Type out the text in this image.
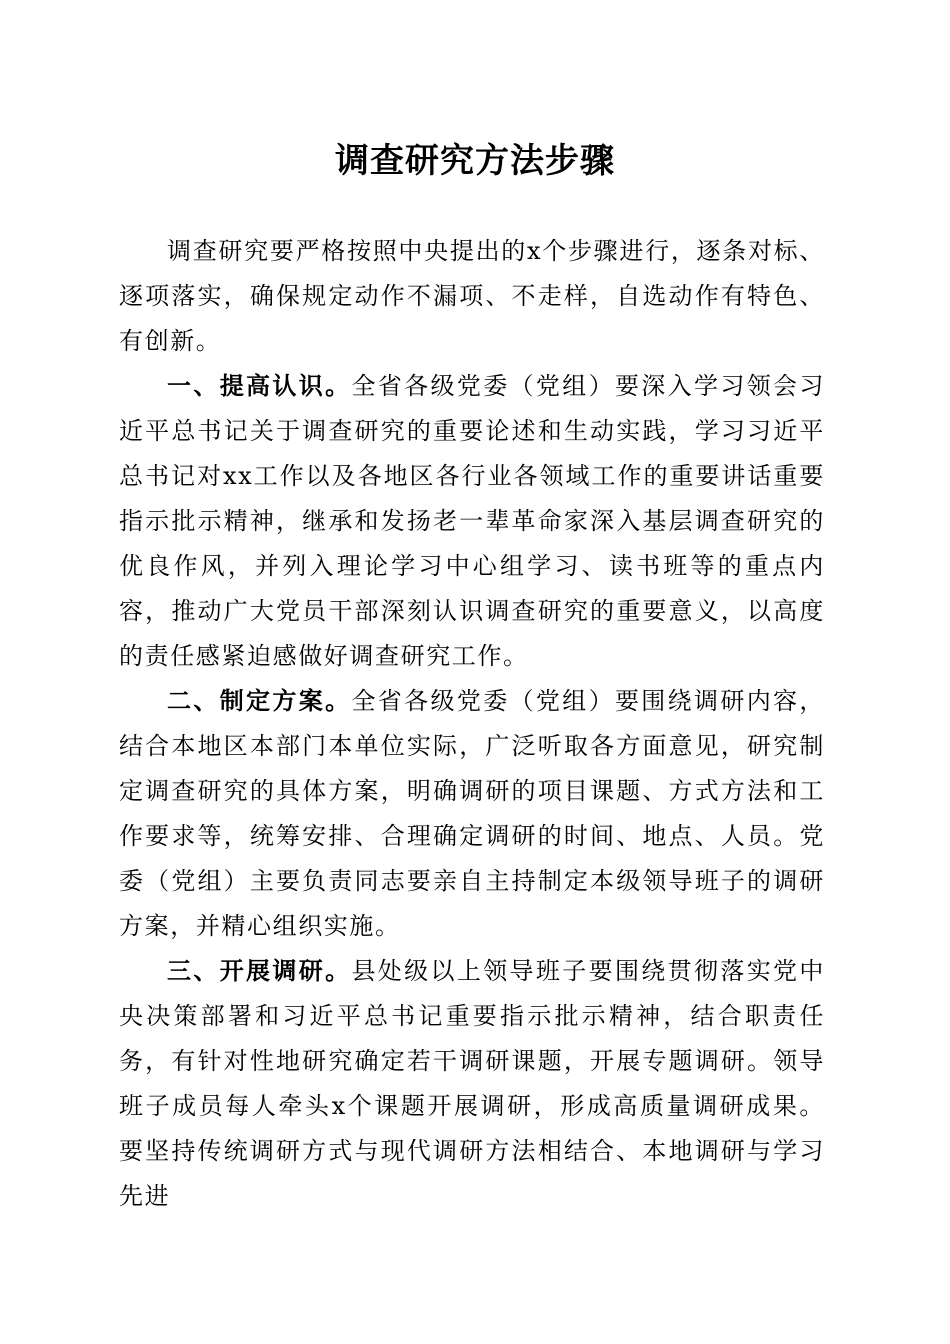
调查研究方法步骤

调查研究要严格按照中央提出的x个步骤进行，逐条对标、逐项落实，确保规定动作不漏项、不走样，自选动作有特色、有创新。

一、提高认识。全省各级党委（党组）要深入学习领会习近平总书记关于调查研究的重要论述和生动实践，学习习近平总书记对xx工作以及各地区各行业各领域工作的重要讲话重要指示批示精神，继承和发扬老一辈革命家深入基层调查研究的优良作风，并列入理论学习中心组学习、读书班等的重点内容，推动广大党员干部深刻认识调查研究的重要意义，以高度的责任感紧迫感做好调查研究工作。

二、制定方案。全省各级党委（党组）要围绕调研内容，结合本地区本部门本单位实际，广泛听取各方面意见，研究制定调查研究的具体方案，明确调研的项目课题、方式方法和工作要求等，统筹安排、合理确定调研的时间、地点、人员。党委（党组）主要负责同志要亲自主持制定本级领导班子的调研方案，并精心组织实施。

三、开展调研。县处级以上领导班子要围绕贯彻落实党中央决策部署和习近平总书记重要指示批示精神，结合职责任务，有针对性地研究确定若干调研课题，开展专题调研。领导班子成员每人牵头x个课题开展调研，形成高质量调研成果。要坚持传统调研方式与现代调研方法相结合、本地调研与学习先进
